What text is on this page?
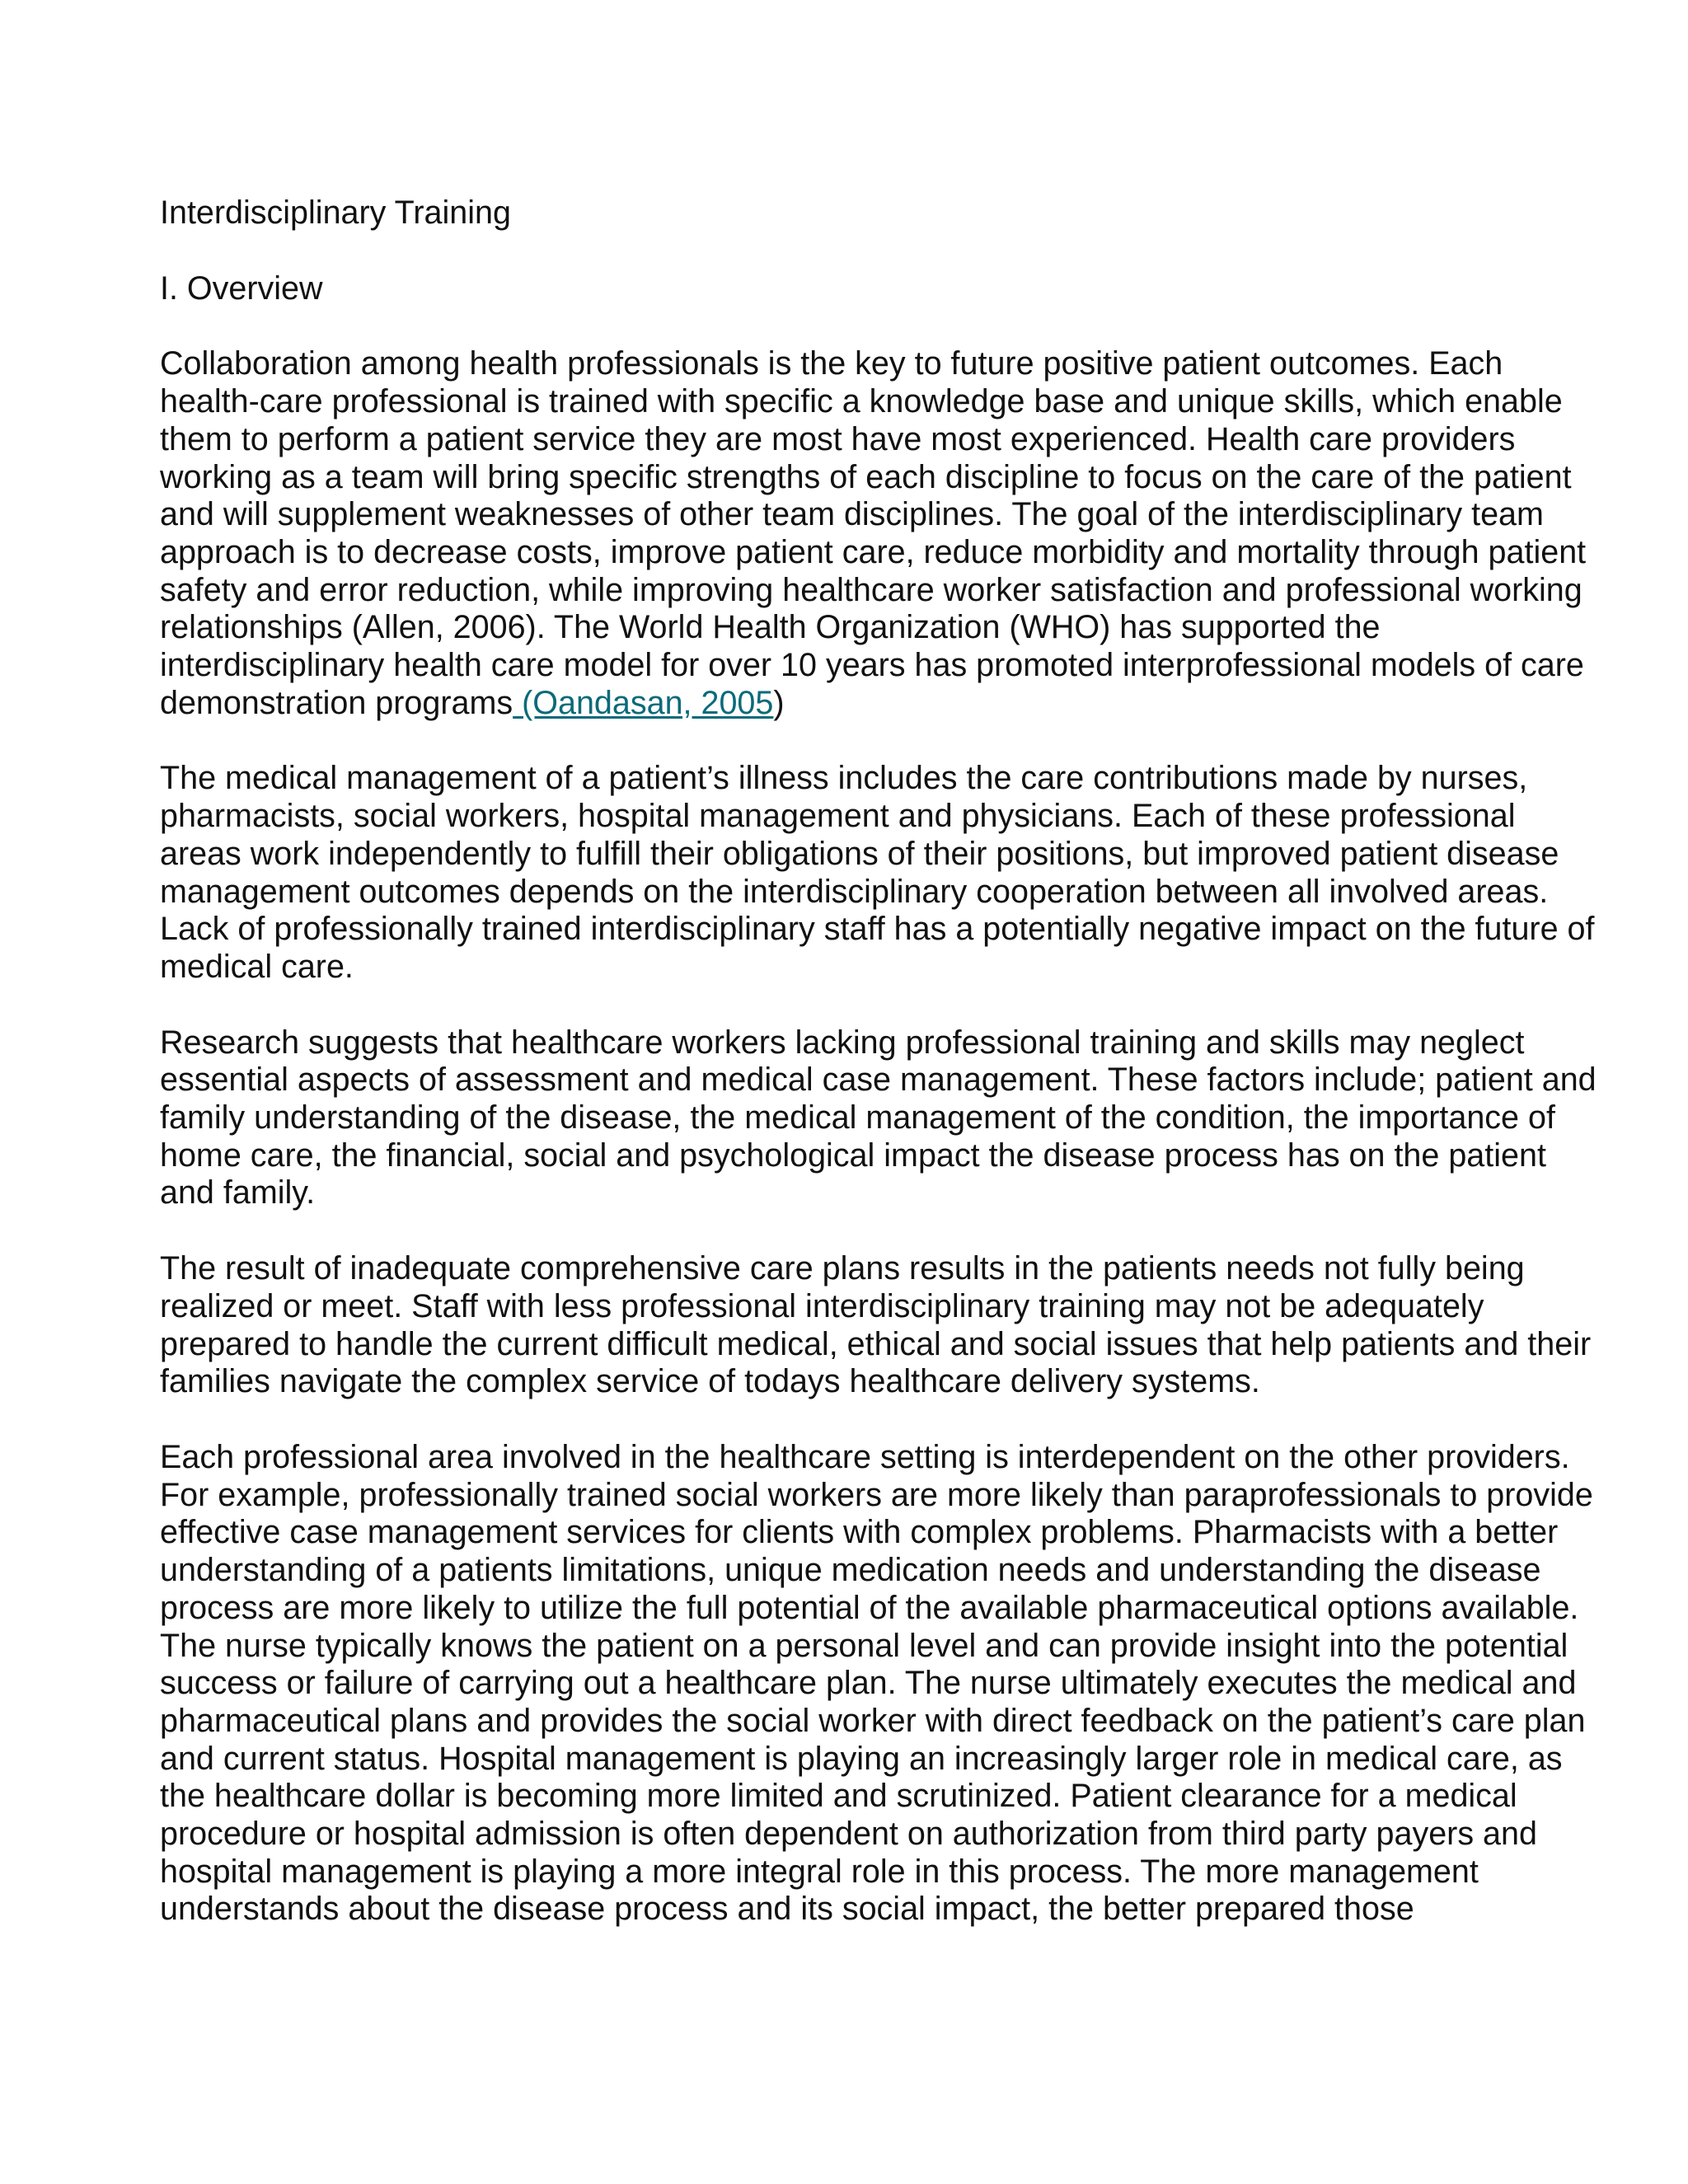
Interdisciplinary Training
I. Overview
Collaboration among health professionals is the key to future positive patient outcomes. Each
health-care professional is trained with specific a knowledge base and unique skills, which enable
them to perform a patient service they are most have most experienced. Health care providers
working as a team will bring specific strengths of each discipline to focus on the care of the patient
and will supplement weaknesses of other team disciplines. The goal of the interdisciplinary team
approach is to decrease costs, improve patient care, reduce morbidity and mortality through patient
safety and error reduction, while improving healthcare worker satisfaction and professional working
relationships (Allen, 2006). The World Health Organization (WHO) has supported the
interdisciplinary health care model for over 10 years has promoted interprofessional models of care
demonstration programs (Oandasan, 2005)
The medical management of a patient’s illness includes the care contributions made by nurses,
pharmacists, social workers, hospital management and physicians. Each of these professional
areas work independently to fulfill their obligations of their positions, but improved patient disease
management outcomes depends on the interdisciplinary cooperation between all involved areas.
Lack of professionally trained interdisciplinary staff has a potentially negative impact on the future of
medical care.
Research suggests that healthcare workers lacking professional training and skills may neglect
essential aspects of assessment and medical case management. These factors include; patient and
family understanding of the disease, the medical management of the condition, the importance of
home care, the financial, social and psychological impact the disease process has on the patient
and family.
The result of inadequate comprehensive care plans results in the patients needs not fully being
realized or meet. Staff with less professional interdisciplinary training may not be adequately
prepared to handle the current difficult medical, ethical and social issues that help patients and their
families navigate the complex service of todays healthcare delivery systems.
Each professional area involved in the healthcare setting is interdependent on the other providers.
For example, professionally trained social workers are more likely than paraprofessionals to provide
effective case management services for clients with complex problems. Pharmacists with a better
understanding of a patients limitations, unique medication needs and understanding the disease
process are more likely to utilize the full potential of the available pharmaceutical options available.
The nurse typically knows the patient on a personal level and can provide insight into the potential
success or failure of carrying out a healthcare plan. The nurse ultimately executes the medical and
pharmaceutical plans and provides the social worker with direct feedback on the patient’s care plan
and current status. Hospital management is playing an increasingly larger role in medical care, as
the healthcare dollar is becoming more limited and scrutinized. Patient clearance for a medical
procedure or hospital admission is often dependent on authorization from third party payers and
hospital management is playing a more integral role in this process. The more management
understands about the disease process and its social impact, the better prepared those
